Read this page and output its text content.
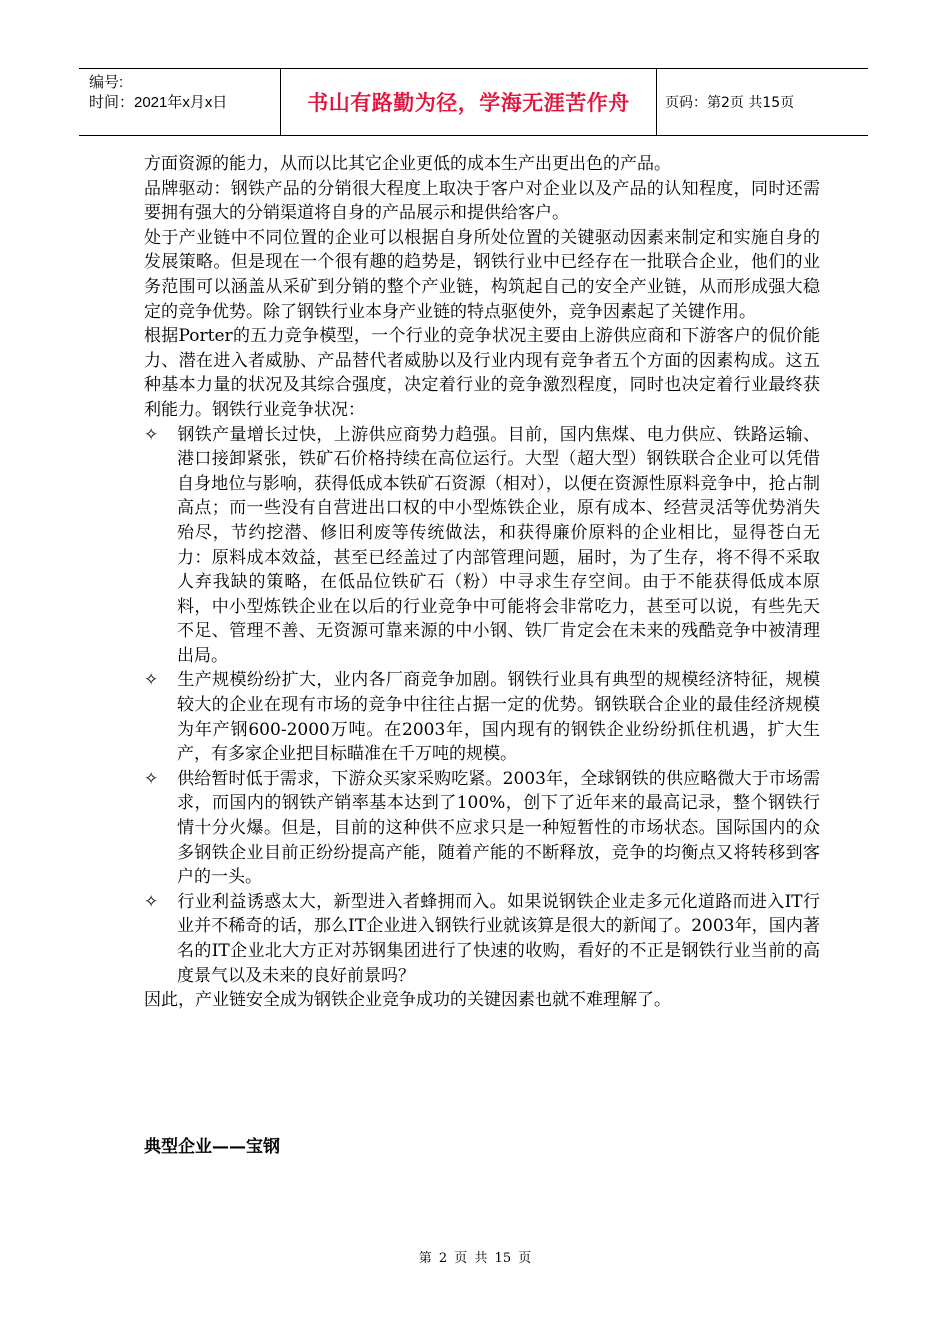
编号:
时间：2021年x月x日	书山有路勤为径，学海无涯苦作舟	页码：第2页 共15页

方面资源的能力，从而以比其它企业更低的成本生产出更出色的产品。

品牌驱动：钢铁产品的分销很大程度上取决于客户对企业以及产品的认知程度，同时还需要拥有强大的分销渠道将自身的产品展示和提供给客户。

处于产业链中不同位置的企业可以根据自身所处位置的关键驱动因素来制定和实施自身的发展策略。但是现在一个很有趣的趋势是，钢铁行业中已经存在一批联合企业，他们的业务范围可以涵盖从采矿到分销的整个产业链，构筑起自己的安全产业链，从而形成强大稳定的竞争优势。除了钢铁行业本身产业链的特点驱使外，竞争因素起了关键作用。

根据Porter的五力竞争模型，一个行业的竞争状况主要由上游供应商和下游客户的侃价能力、潜在进入者威胁、产品替代者威胁以及行业内现有竞争者五个方面的因素构成。这五种基本力量的状况及其综合强度，决定着行业的竞争激烈程度，同时也决定着行业最终获利能力。钢铁行业竞争状况：

✧ 钢铁产量增长过快，上游供应商势力趋强。目前，国内焦煤、电力供应、铁路运输、港口接卸紧张，铁矿石价格持续在高位运行。大型（超大型）钢铁联合企业可以凭借自身地位与影响，获得低成本铁矿石资源（相对），以便在资源性原料竞争中，抢占制高点；而一些没有自营进出口权的中小型炼铁企业，原有成本、经营灵活等优势消失殆尽，节约挖潜、修旧利废等传统做法，和获得廉价原料的企业相比，显得苍白无力：原料成本效益，甚至已经盖过了内部管理问题，届时，为了生存，将不得不采取人弃我缺的策略，在低品位铁矿石（粉）中寻求生存空间。由于不能获得低成本原料，中小型炼铁企业在以后的行业竞争中可能将会非常吃力，甚至可以说，有些先天不足、管理不善、无资源可靠来源的中小钢、铁厂肯定会在未来的残酷竞争中被清理出局。

✧ 生产规模纷纷扩大，业内各厂商竞争加剧。钢铁行业具有典型的规模经济特征，规模较大的企业在现有市场的竞争中往往占据一定的优势。钢铁联合企业的最佳经济规模为年产钢600-2000万吨。在2003年，国内现有的钢铁企业纷纷抓住机遇，扩大生产，有多家企业把目标瞄准在千万吨的规模。

✧ 供给暂时低于需求，下游众买家采购吃紧。2003年，全球钢铁的供应略微大于市场需求，而国内的钢铁产销率基本达到了100%，创下了近年来的最高记录，整个钢铁行情十分火爆。但是，目前的这种供不应求只是一种短暂性的市场状态。国际国内的众多钢铁企业目前正纷纷提高产能，随着产能的不断释放，竞争的均衡点又将转移到客户的一头。

✧ 行业利益诱惑太大，新型进入者蜂拥而入。如果说钢铁企业走多元化道路而进入IT行业并不稀奇的话，那么IT企业进入钢铁行业就该算是很大的新闻了。2003年，国内著名的IT企业北大方正对苏钢集团进行了快速的收购，看好的不正是钢铁行业当前的高度景气以及未来的良好前景吗？

因此，产业链安全成为钢铁企业竞争成功的关键因素也就不难理解了。

典型企业——宝钢
第 2 页 共 15 页
